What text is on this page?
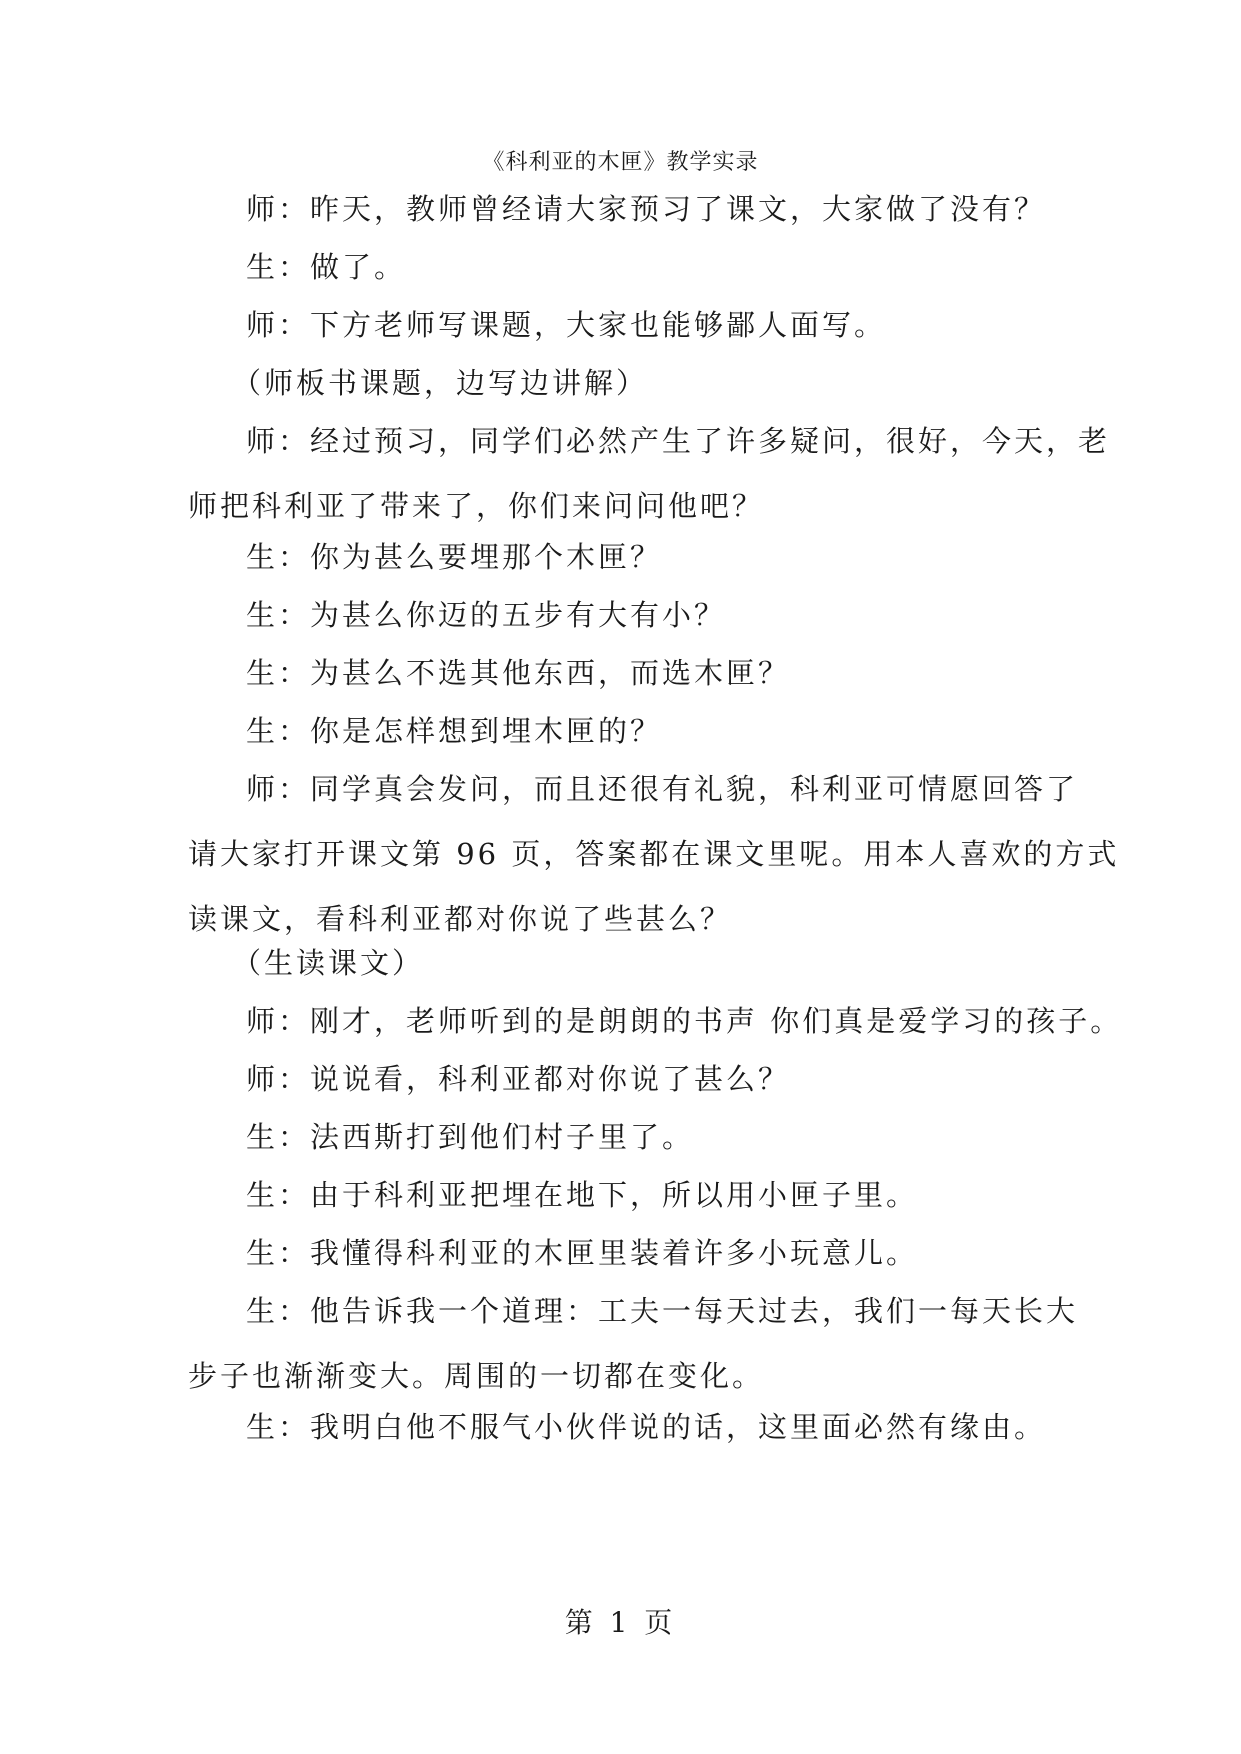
《科利亚的木匣》教学实录
师：昨天，教师曾经请大家预习了课文，大家做了没有？
生：做了。
师：下方老师写课题，大家也能够鄙人面写。
（师板书课题，边写边讲解）
师：经过预习，同学们必然产生了许多疑问，很好，今天，老
师把科利亚了带来了，你们来问问他吧？
生：你为甚么要埋那个木匣？
生：为甚么你迈的五步有大有小？
生：为甚么不选其他东西，而选木匣？
生：你是怎样想到埋木匣的？
师：同学真会发问，而且还很有礼貌，科利亚可情愿回答了
请大家打开课文第 96 页，答案都在课文里呢。用本人喜欢的方式
读课文，看科利亚都对你说了些甚么？
（生读课文）
师：刚才，老师听到的是朗朗的书声 你们真是爱学习的孩子。
师：说说看，科利亚都对你说了甚么？
生：法西斯打到他们村子里了。
生：由于科利亚把埋在地下，所以用小匣子里。
生：我懂得科利亚的木匣里装着许多小玩意儿。
生：他告诉我一个道理：工夫一每天过去，我们一每天长大
步子也渐渐变大。周围的一切都在变化。
生：我明白他不服气小伙伴说的话，这里面必然有缘由。
第 1 页
